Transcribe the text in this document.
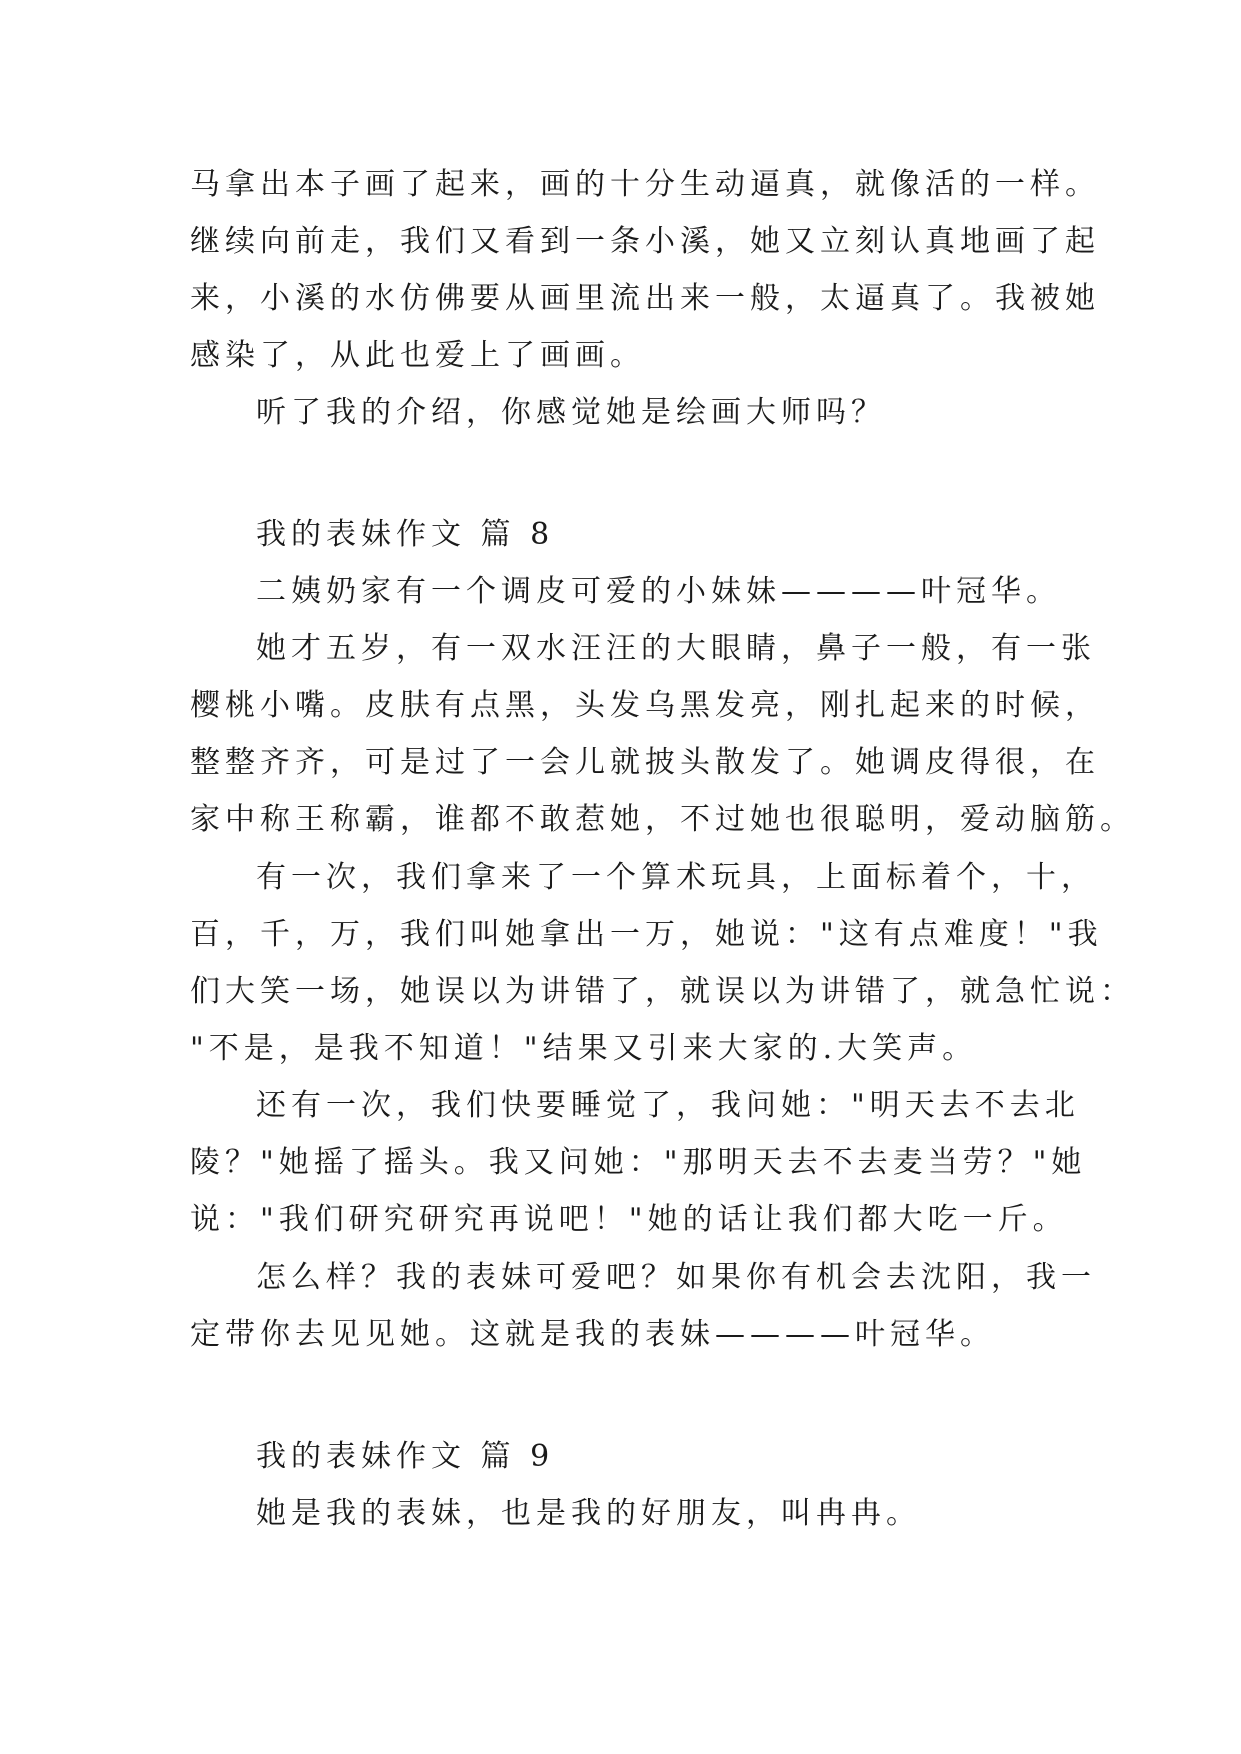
马拿出本子画了起来，画的十分生动逼真，就像活的一样。
继续向前走，我们又看到一条小溪，她又立刻认真地画了起
来，小溪的水仿佛要从画里流出来一般，太逼真了。我被她
感染了，从此也爱上了画画。
听了我的介绍，你感觉她是绘画大师吗？
我的表妹作文 篇 8
二姨奶家有一个调皮可爱的小妹妹————叶冠华。
她才五岁，有一双水汪汪的大眼睛，鼻子一般，有一张
樱桃小嘴。皮肤有点黑，头发乌黑发亮，刚扎起来的时候，
整整齐齐，可是过了一会儿就披头散发了。她调皮得很，在
家中称王称霸，谁都不敢惹她，不过她也很聪明，爱动脑筋。
有一次，我们拿来了一个算术玩具，上面标着个，十，
百，千，万，我们叫她拿出一万，她说："这有点难度！"我
们大笑一场，她误以为讲错了，就误以为讲错了，就急忙说：
"不是，是我不知道！"结果又引来大家的.大笑声。
还有一次，我们快要睡觉了，我问她："明天去不去北
陵？"她摇了摇头。我又问她："那明天去不去麦当劳？"她
说："我们研究研究再说吧！"她的话让我们都大吃一斤。
怎么样？我的表妹可爱吧？如果你有机会去沈阳，我一
定带你去见见她。这就是我的表妹————叶冠华。
我的表妹作文 篇 9
她是我的表妹，也是我的好朋友，叫冉冉。
